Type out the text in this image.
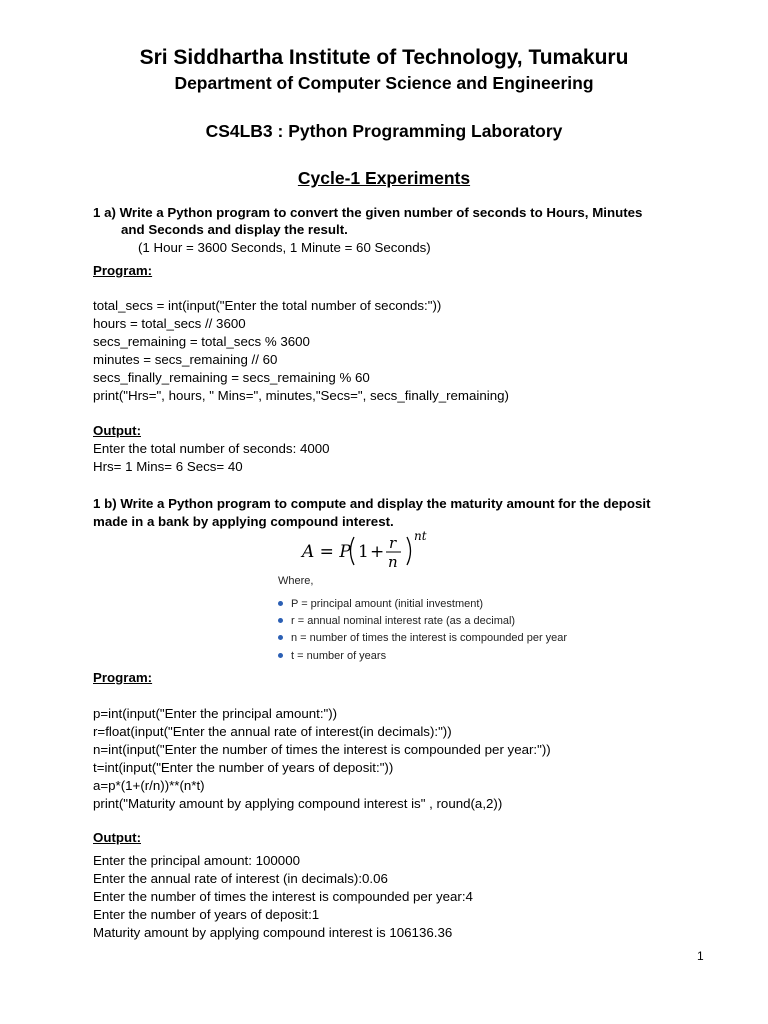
Sri Siddhartha Institute of Technology, Tumakuru
Department of Computer Science and Engineering
CS4LB3 : Python Programming Laboratory
Cycle-1 Experiments
1 a) Write a Python program to convert the given number of seconds to Hours, Minutes
and Seconds and display the result.
(1 Hour = 3600 Seconds, 1 Minute = 60 Seconds)
Program:
total_secs = int(input("Enter the total number of seconds:"))
hours = total_secs // 3600
secs_remaining = total_secs % 3600
minutes = secs_remaining // 60
secs_finally_remaining = secs_remaining % 60
print("Hrs=", hours, " Mins=", minutes,"Secs=", secs_finally_remaining)
Output:
Enter the total number of seconds: 4000
Hrs= 1 Mins= 6 Secs= 40
1 b) Write a Python program to compute and display the maturity amount for the deposit
made in a bank by applying compound interest.
A = P 1 + r
n
nt
Where,
P = principal amount (initial investment)
r = annual nominal interest rate (as a decimal)
n = number of times the interest is compounded per year
t = number of years
Program:
p=int(input("Enter the principal amount:"))
r=float(input("Enter the annual rate of interest(in decimals):"))
n=int(input("Enter the number of times the interest is compounded per year:"))
t=int(input("Enter the number of years of deposit:"))
a=p*(1+(r/n))**(n*t)
print("Maturity amount by applying compound interest is" , round(a,2))
Output:
Enter the principal amount: 100000
Enter the annual rate of interest (in decimals):0.06
Enter the number of times the interest is compounded per year:4
Enter the number of years of deposit:1
Maturity amount by applying compound interest is 106136.36
1
